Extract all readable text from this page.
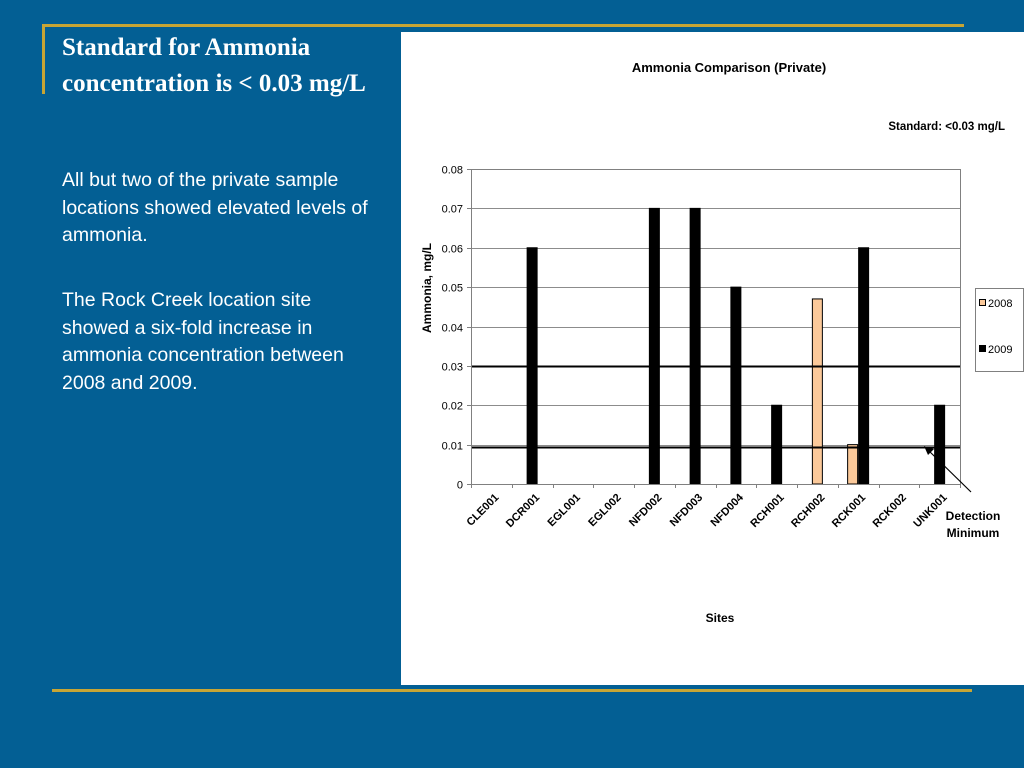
Standard for Ammonia concentration is < 0.03 mg/L

All but two of the private sample locations showed elevated levels of ammonia.

The Rock Creek location site showed a six-fold increase in ammonia concentration between 2008 and 2009.

Ammonia Comparison (Private)
Standard: <0.03 mg/L
0
0.01
0.02
0.03
0.04
0.05
0.06
0.07
0.08
CLE001 DCR001 EGL001 EGL002 NFD002 NFD003 NFD004 RCH001 RCH002 RCK001 RCK002 UNK001
Ammonia, mg/L
Sites
2008
2009
Detection
Minimum
